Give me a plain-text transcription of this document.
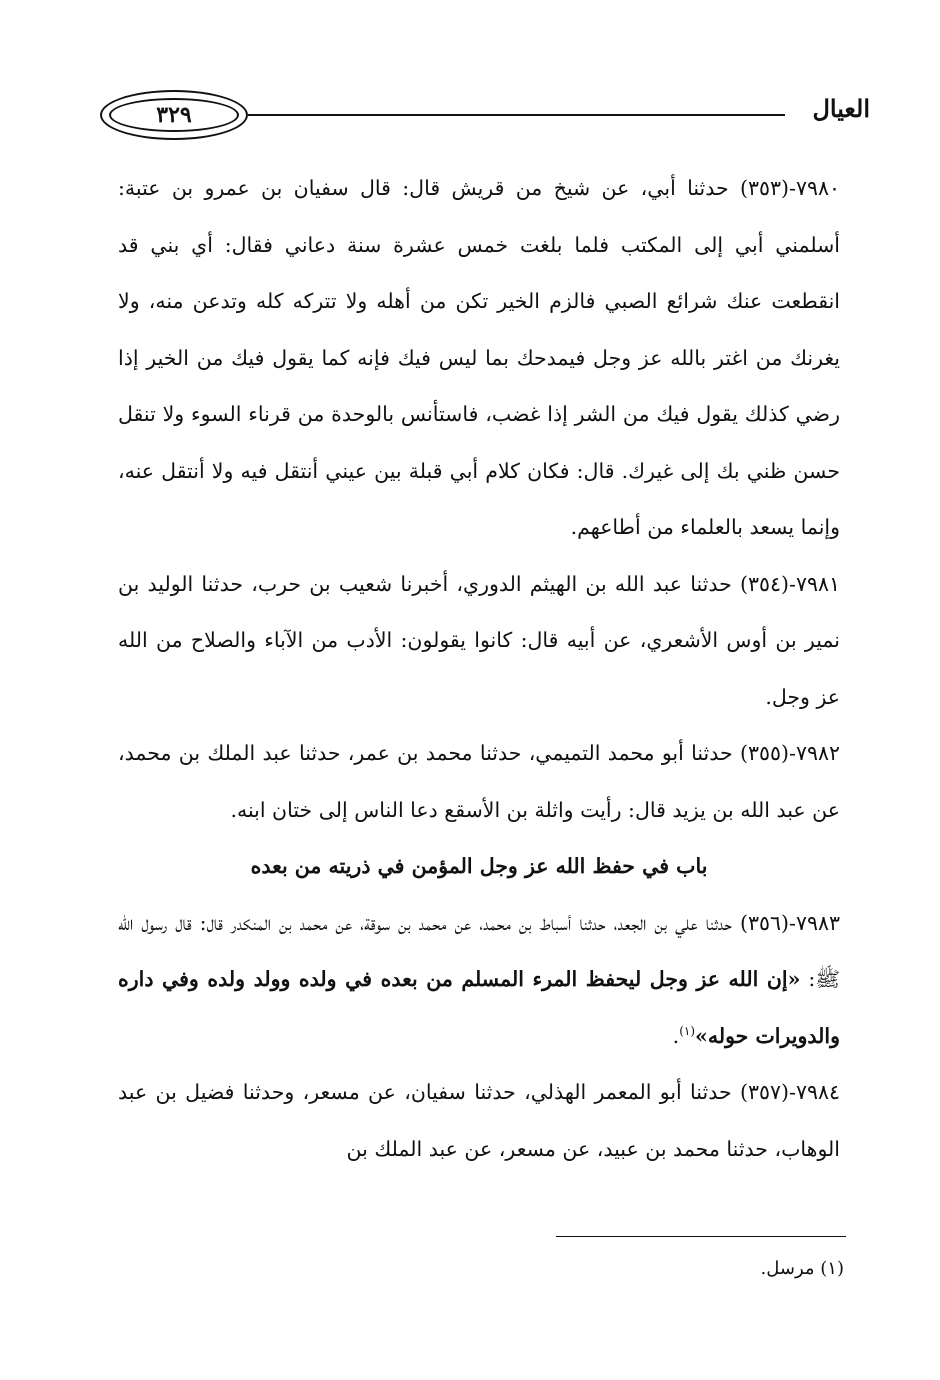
٣٢٩	العيال

٧٩٨٠-(٣٥٣) حدثنا أبي، عن شيخ من قريش قال: قال سفيان بن عمرو بن عتبة: أسلمني أبي إلى المكتب فلما بلغت خمس عشرة سنة دعاني فقال: أي بني قد انقطعت عنك شرائع الصبي فالزم الخير تكن من أهله ولا تتركه كله وتدعن منه، ولا يغرنك من اغتر بالله عز وجل فيمدحك بما ليس فيك فإنه كما يقول فيك من الخير إذا رضي كذلك يقول فيك من الشر إذا غضب، فاستأنس بالوحدة من قرناء السوء ولا تنقل حسن ظني بك إلى غيرك. قال: فكان كلام أبي قبلة بين عيني أنتقل فيه ولا أنتقل عنه، وإنما يسعد بالعلماء من أطاعهم.

٧٩٨١-(٣٥٤) حدثنا عبد الله بن الهيثم الدوري، أخبرنا شعيب بن حرب، حدثنا الوليد بن نمير بن أوس الأشعري، عن أبيه قال: كانوا يقولون: الأدب من الآباء والصلاح من الله عز وجل.

٧٩٨٢-(٣٥٥) حدثنا أبو محمد التميمي، حدثنا محمد بن عمر، حدثنا عبد الملك بن محمد، عن عبد الله بن يزيد قال: رأيت واثلة بن الأسقع دعا الناس إلى ختان ابنه.

باب في حفظ الله عز وجل المؤمن في ذريته من بعده

٧٩٨٣-(٣٥٦) حدثنا علي بن الجعد، حدثنا أسباط بن محمد، عن محمد بن سوقة، عن محمد بن المنكدر قال: قال رسول الله ﷺ: «إن الله عز وجل ليحفظ المرء المسلم من بعده في ولده وولد ولده وفي داره والدويرات حوله»$^{(١)}$.

٧٩٨٤-(٣٥٧) حدثنا أبو المعمر الهذلي، حدثنا سفيان، عن مسعر، وحدثنا فضيل بن عبد الوهاب، حدثنا محمد بن عبيد، عن مسعر، عن عبد الملك بن

(١) مرسل.
